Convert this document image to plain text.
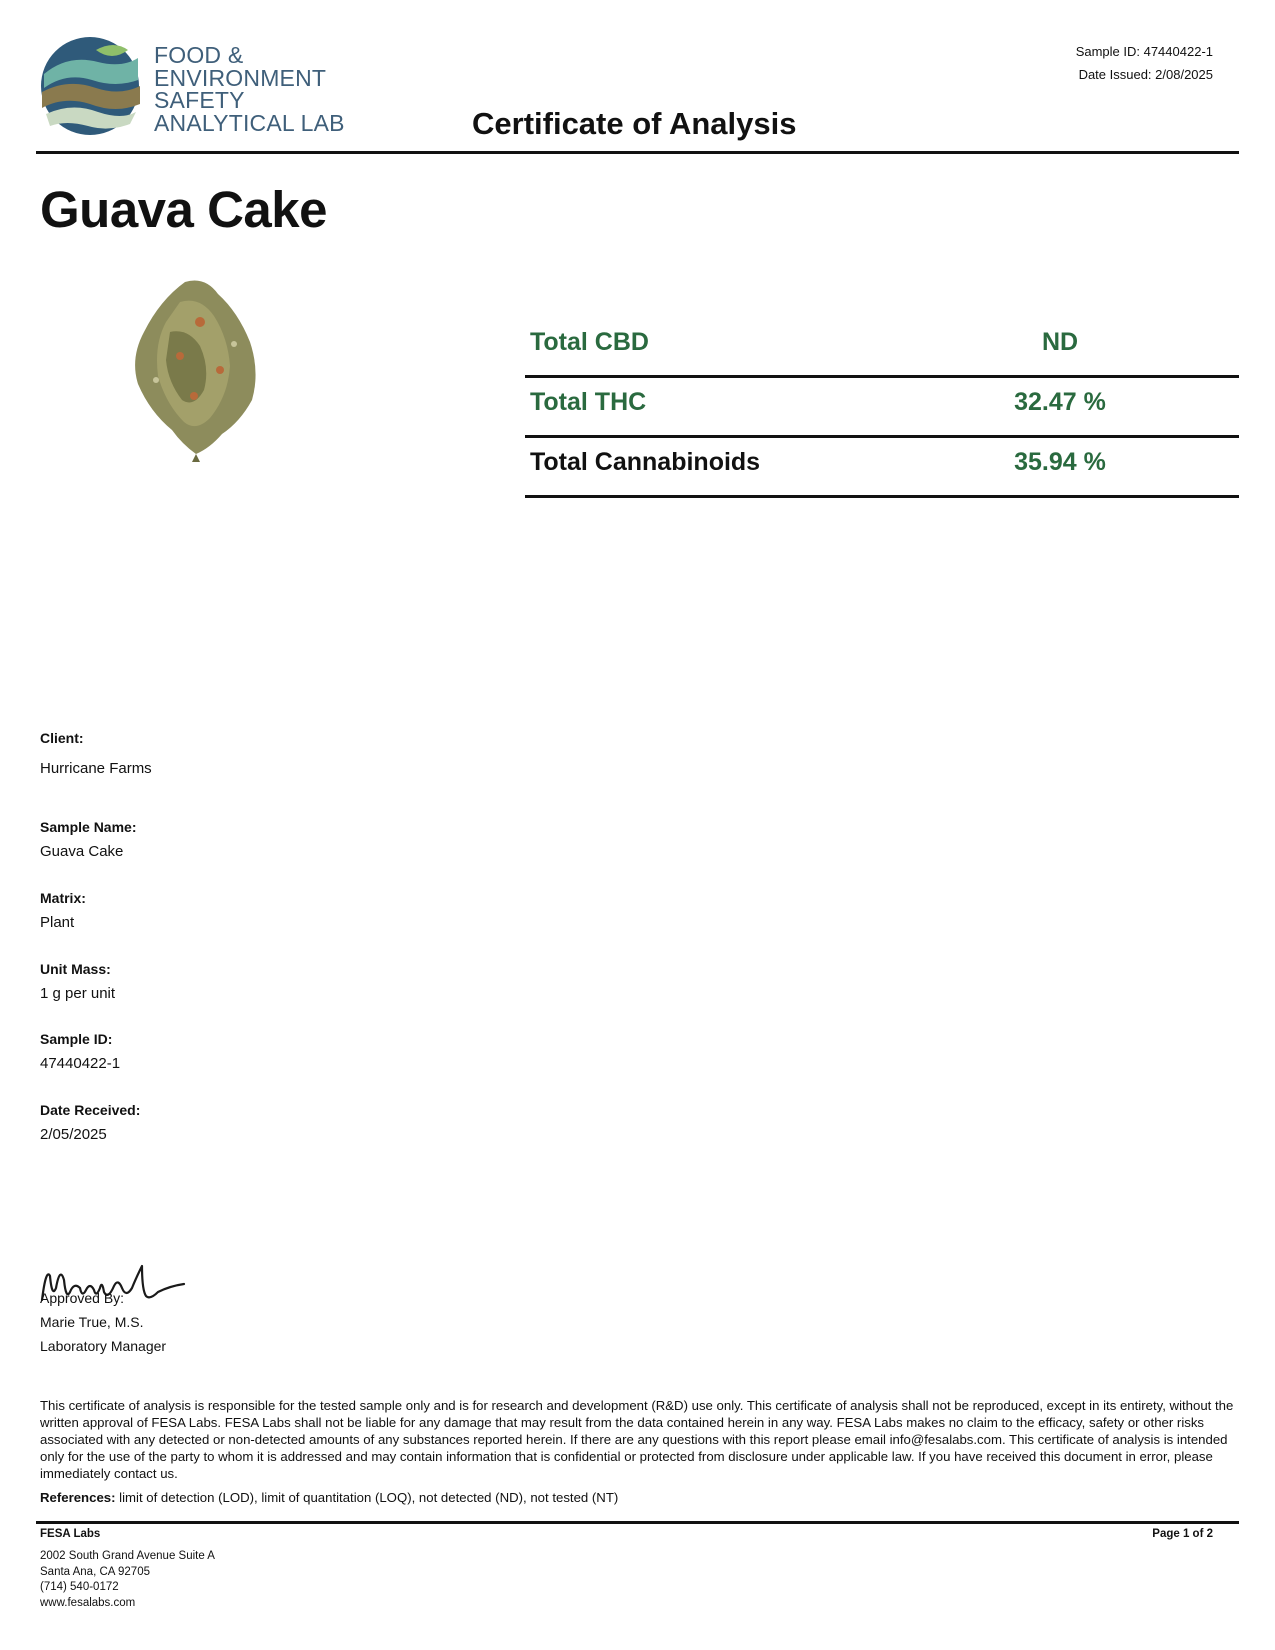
FOOD &
ENVIRONMENT
SAFETY
ANALYTICAL LAB
Sample ID: 47440422-1
Date Issued: 2/08/2025
Certificate of Analysis
Guava Cake
Total CBD	ND
Total THC	32.47 %
Total Cannabinoids	35.94 %
Client:
Hurricane Farms
Sample Name:
Guava Cake
Matrix:
Plant
Unit Mass:
1 g per unit
Sample ID:
47440422-1
Date Received:
2/05/2025
Approved By:
Marie True, M.S.
Laboratory Manager
This certificate of analysis is responsible for the tested sample only and is for research and development (R&D) use only. This certificate of analysis shall not be reproduced, except in its entirety, without the written approval of FESA Labs. FESA Labs shall not be liable for any damage that may result from the data contained herein in any way. FESA Labs makes no claim to the efficacy, safety or other risks associated with any detected or non-detected amounts of any substances reported herein. If there are any questions with this report please email info@fesalabs.com. This certificate of analysis is intended only for the use of the party to whom it is addressed and may contain information that is confidential or protected from disclosure under applicable law. If you have received this document in error, please immediately contact us.
References: limit of detection (LOD), limit of quantitation (LOQ), not detected (ND), not tested (NT)
FESA Labs	Page 1 of 2
2002 South Grand Avenue Suite A
Santa Ana, CA 92705
(714) 540-0172
www.fesalabs.com
